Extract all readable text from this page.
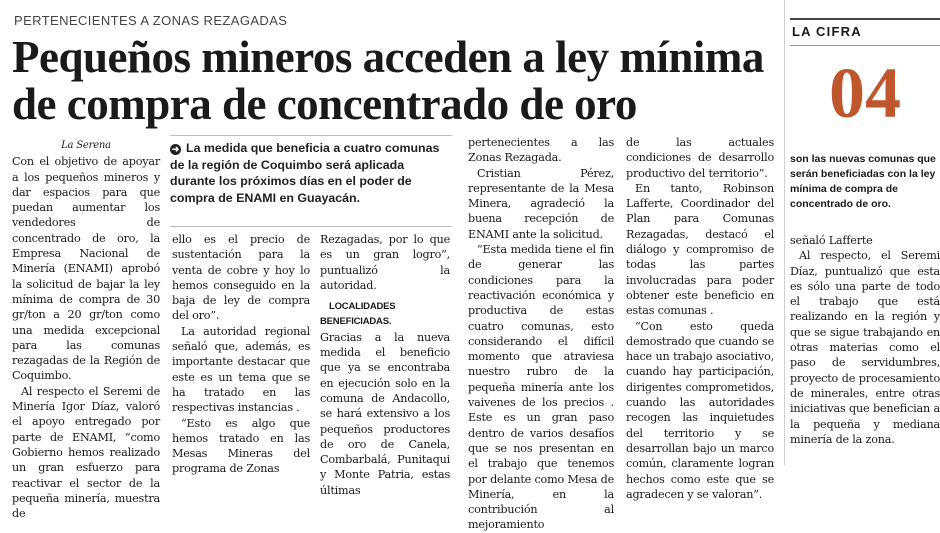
PERTENECIENTES A ZONAS REZAGADAS
Pequeños mineros acceden a ley mínima de compra de concentrado de oro
LA CIFRA
04

son las nuevas comunas que serán beneficiadas con la ley mínima de compra de concentrado de oro.

La Serena

Con el objetivo de apoyar a los pequeños mineros y dar espacios para que puedan aumentar los vendedores de concentrado de oro, la Empresa Nacional de Minería (ENAMI) aprobó la solicitud de bajar la ley mínima de compra de 30 gr/ton a 20 gr/ton como una medida excepcional para las comunas rezagadas de la Región de Coquimbo.

Al respecto el Seremi de Minería Igor Díaz, valoró el apoyo entregado por parte de ENAMI, “como Gobierno hemos realizado un gran esfuerzo para reactivar el sector de la pequeña minería, muestra de

➜ La medida que beneficia a cuatro comunas de la región de Coquimbo será aplicada durante los próximos días en el poder de compra de ENAMI en Guayacán.

ello es el precio de sustentación para la venta de cobre y hoy lo hemos conseguido en la baja de ley de compra del oro”.

La autoridad regional señaló que, además, es importante destacar que este es un tema que se ha tratado en las respectivas instancias .

“Esto es algo que hemos tratado en las Mesas Mineras del programa de Zonas

Rezagadas, por lo que es un gran logro”, puntualizó la autoridad.

LOCALIDADES BENEFICIADAS.

Gracias a la nueva medida el beneficio que ya se encontraba en ejecución solo en la comuna de Andacollo, se hará extensivo a los pequeños productores de oro de Canela, Combarbalá, Punitaqui y Monte Patria, estas últimas

pertenecientes a las Zonas Rezagada.

Cristian Pérez, representante de la Mesa Minera, agradeció la buena recepción de ENAMI ante la solicitud.

“Esta medida tiene el fin de generar las condiciones para la reactivación económica y productiva de estas cuatro comunas, esto considerando el difícil momento que atraviesa nuestro rubro de la pequeña minería ante los vaivenes de los precios . Este es un gran paso dentro de varios desafíos que se nos presentan en el trabajo que tenemos por delante como Mesa de Minería, en la contribución al mejoramiento

de las actuales condiciones de desarrollo productivo del territorio”.

En tanto, Robinson Lafferte, Coordinador del Plan para Comunas Rezagadas, destacó el diálogo y compromiso de todas las partes involucradas para poder obtener este beneficio en estas comunas .

“Con esto queda demostrado que cuando se hace un trabajo asociativo, cuando hay participación, dirigentes comprometidos, cuando las autoridades recogen las inquietudes del territorio y se desarrollan bajo un marco común, claramente logran hechos como este que se agradecen y se valoran”.

señaló Lafferte

Al respecto, el Seremi Díaz, puntualizó que esta es sólo una parte de todo el trabajo que está realizando en la región y que se sigue trabajando en otras materias como el paso de servidumbres, proyecto de procesamiento de minerales, entre otras iniciativas que benefician a la pequeña y mediana minería de la zona.
